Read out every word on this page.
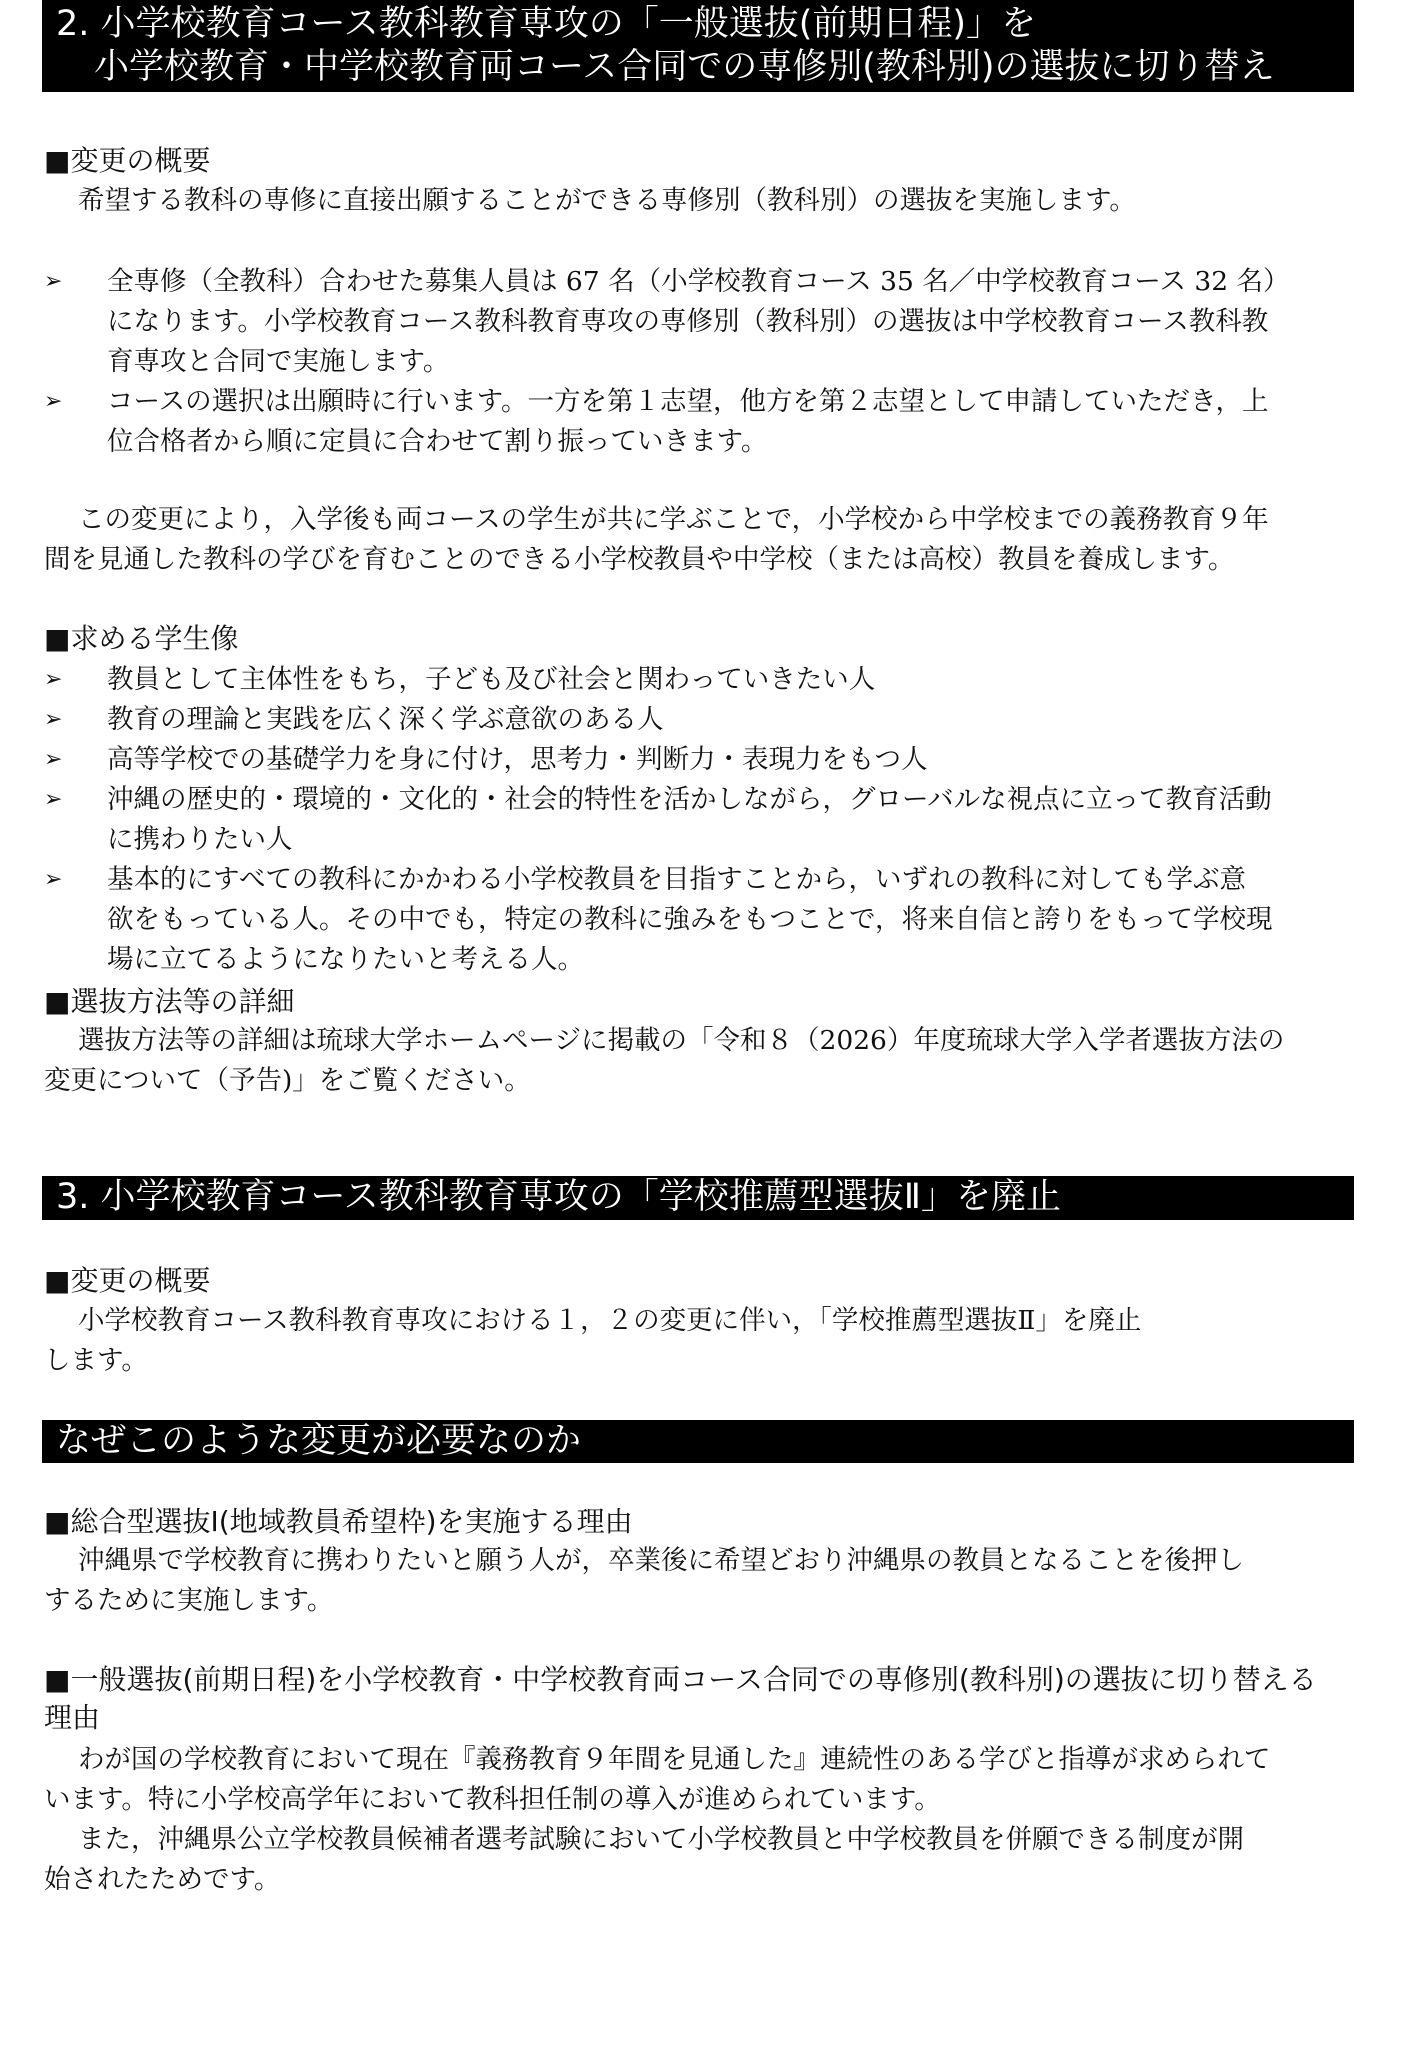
2. 小学校教育コース教科教育専攻の「一般選抜(前期日程)」を
小学校教育・中学校教育両コース合同での専修別(教科別)の選抜に切り替え
■変更の概要
希望する教科の専修に直接出願することができる専修別（教科別）の選抜を実施します。
➢	全専修（全教科）合わせた募集人員は 67 名（小学校教育コース 35 名／中学校教育コース 32 名）
になります。小学校教育コース教科教育専攻の専修別（教科別）の選抜は中学校教育コース教科教
育専攻と合同で実施します。
➢	コースの選択は出願時に行います。一方を第１志望，他方を第２志望として申請していただき，上
位合格者から順に定員に合わせて割り振っていきます。
この変更により，入学後も両コースの学生が共に学ぶことで，小学校から中学校までの義務教育９年
間を見通した教科の学びを育むことのできる小学校教員や中学校（または高校）教員を養成します。
■求める学生像
➢	教員として主体性をもち，子ども及び社会と関わっていきたい人
➢	教育の理論と実践を広く深く学ぶ意欲のある人
➢	高等学校での基礎学力を身に付け，思考力・判断力・表現力をもつ人
➢	沖縄の歴史的・環境的・文化的・社会的特性を活かしながら，グローバルな視点に立って教育活動
に携わりたい人
➢	基本的にすべての教科にかかわる小学校教員を目指すことから，いずれの教科に対しても学ぶ意
欲をもっている人。その中でも，特定の教科に強みをもつことで，将来自信と誇りをもって学校現
場に立てるようになりたいと考える人。
■選抜方法等の詳細
選抜方法等の詳細は琉球大学ホームページに掲載の「令和８（2026）年度琉球大学入学者選抜方法の
変更について（予告)」をご覧ください。
3. 小学校教育コース教科教育専攻の「学校推薦型選抜Ⅱ」を廃止
■変更の概要
小学校教育コース教科教育専攻における１，２の変更に伴い，「学校推薦型選抜Ⅱ」を廃止
します。
なぜこのような変更が必要なのか
■総合型選抜Ⅰ(地域教員希望枠)を実施する理由
沖縄県で学校教育に携わりたいと願う人が，卒業後に希望どおり沖縄県の教員となることを後押し
するために実施します。
■一般選抜(前期日程)を小学校教育・中学校教育両コース合同での専修別(教科別)の選抜に切り替える
理由
わが国の学校教育において現在『義務教育９年間を見通した』連続性のある学びと指導が求められて
います。特に小学校高学年において教科担任制の導入が進められています。
また，沖縄県公立学校教員候補者選考試験において小学校教員と中学校教員を併願できる制度が開
始されたためです。
